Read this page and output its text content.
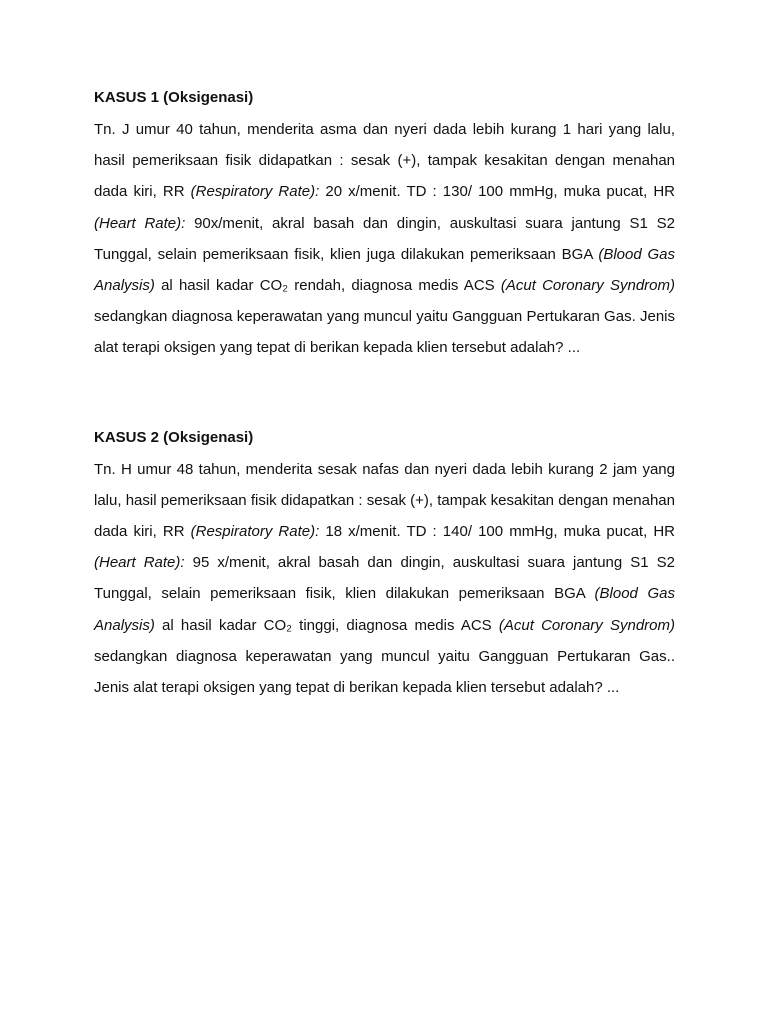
KASUS 1 (Oksigenasi)

Tn. J umur 40 tahun, menderita asma dan nyeri dada lebih kurang 1 hari yang lalu, hasil pemeriksaan fisik didapatkan : sesak (+), tampak kesakitan dengan menahan dada kiri, RR (Respiratory Rate): 20 x/menit. TD : 130/ 100 mmHg, muka pucat, HR (Heart Rate): 90x/menit, akral basah dan dingin, auskultasi suara jantung S1 S2 Tunggal, selain pemeriksaan fisik, klien juga dilakukan pemeriksaan BGA (Blood Gas Analysis) al hasil kadar CO₂ rendah, diagnosa medis ACS (Acut Coronary Syndrom) sedangkan diagnosa keperawatan yang muncul yaitu Gangguan Pertukaran Gas. Jenis alat terapi oksigen yang tepat di berikan kepada klien tersebut adalah? ...

KASUS 2 (Oksigenasi)

Tn. H umur 48 tahun, menderita sesak nafas dan nyeri dada lebih kurang 2 jam yang lalu, hasil pemeriksaan fisik didapatkan : sesak (+), tampak kesakitan dengan menahan dada kiri, RR (Respiratory Rate): 18 x/menit. TD : 140/ 100 mmHg, muka pucat, HR (Heart Rate): 95 x/menit, akral basah dan dingin, auskultasi suara jantung S1 S2 Tunggal, selain pemeriksaan fisik, klien dilakukan pemeriksaan BGA (Blood Gas Analysis) al hasil kadar CO₂ tinggi, diagnosa medis ACS (Acut Coronary Syndrom) sedangkan diagnosa keperawatan yang muncul yaitu Gangguan Pertukaran Gas.. Jenis alat terapi oksigen yang tepat di berikan kepada klien tersebut adalah? ...
